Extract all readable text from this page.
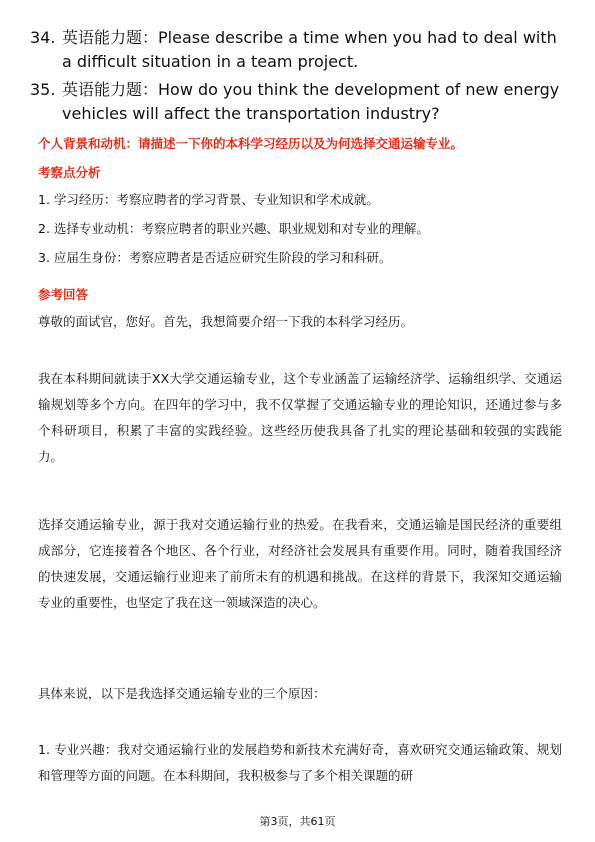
34. 英语能力题：Please describe a time when you had to deal with a difficult situation in a team project.
35. 英语能力题：How do you think the development of new energy vehicles will affect the transportation industry?
个人背景和动机：请描述一下你的本科学习经历以及为何选择交通运输专业。
考察点分析
1. 学习经历：考察应聘者的学习背景、专业知识和学术成就。
2. 选择专业动机：考察应聘者的职业兴趣、职业规划和对专业的理解。
3. 应届生身份：考察应聘者是否适应研究生阶段的学习和科研。
参考回答
尊敬的面试官，您好。首先，我想简要介绍一下我的本科学习经历。
我在本科期间就读于XX大学交通运输专业，这个专业涵盖了运输经济学、运输组织学、交通运输规划等多个方向。在四年的学习中，我不仅掌握了交通运输专业的理论知识，还通过参与多个科研项目，积累了丰富的实践经验。这些经历使我具备了扎实的理论基础和较强的实践能力。
选择交通运输专业，源于我对交通运输行业的热爱。在我看来，交通运输是国民经济的重要组成部分，它连接着各个地区、各个行业，对经济社会发展具有重要作用。同时，随着我国经济的快速发展，交通运输行业迎来了前所未有的机遇和挑战。在这样的背景下，我深知交通运输专业的重要性，也坚定了我在这一领域深造的决心。
具体来说，以下是我选择交通运输专业的三个原因：
1. 专业兴趣：我对交通运输行业的发展趋势和新技术充满好奇，喜欢研究交通运输政策、规划和管理等方面的问题。在本科期间，我积极参与了多个相关课题的研
第3页，共61页
